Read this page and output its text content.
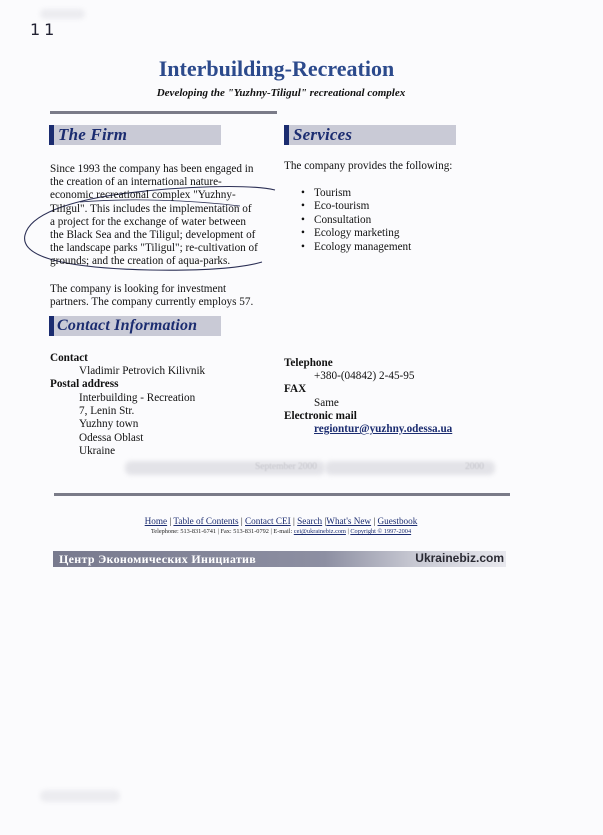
11
Interbuilding-Recreation
Developing the "Yuzhny-Tiligul" recreational complex
The Firm
Since 1993 the company has been engaged in
the creation of an international nature-
economic recreational complex "Yuzhny-
Tiligul". This includes the implementation of
a project for the exchange of water between
the Black Sea and the Tiligul; development of
the landscape parks "Tiligul"; re-cultivation of
grounds; and the creation of aqua-parks.
The company is looking for investment
partners. The company currently employs 57.
Services
The company provides the following:
• Tourism
• Eco-tourism
• Consultation
• Ecology marketing
• Ecology management
Contact Information
Contact
Vladimir Petrovich Kilivnik
Postal address
Interbuilding - Recreation
7, Lenin Str.
Yuzhny town
Odessa Oblast
Ukraine
Telephone
+380-(04842) 2-45-95
FAX
Same
Electronic mail
regiontur@yuzhny.odessa.ua
September 2000	2000
Home | Table of Contents | Contact CEI | Search |What's New | Guestbook
Telephone: 513-831-6741 | Fax: 513-831-0792 | E-mail: cei@ukrainebiz.com | Copyright © 1997-2004
Центр Экономических Инициатив	Ukrainebiz.com
